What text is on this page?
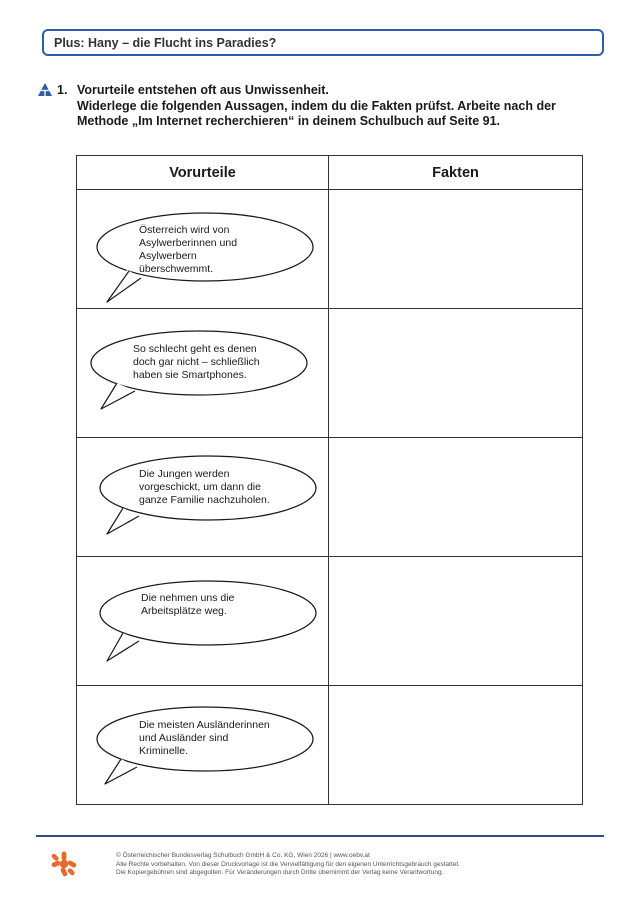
Plus: Hany – die Flucht ins Paradies?
1. Vorurteile entstehen oft aus Unwissenheit.
Widerlege die folgenden Aussagen, indem du die Fakten prüfst. Arbeite nach der
Methode „Im Internet recherchieren“ in deinem Schulbuch auf Seite 91.
Vorurteile	Fakten

Österreich wird von
Asylwerberinnen und
Asylwerbern
überschwemmt.	

So schlecht geht es denen
doch gar nicht – schließlich
haben sie Smartphones.	

Die Jungen werden
vorgeschickt, um dann die
ganze Familie nachzuholen.	

Die nehmen uns die
Arbeitsplätze weg.	

Die meisten Ausländerinnen
und Ausländer sind
Kriminelle.	

© Österreichischer Bundesverlag Schulbuch GmbH & Co. KG, Wien 2026 | www.oebv.at
Alle Rechte vorbehalten. Von dieser Druckvorlage ist die Vervielfältigung für den eigenen Unterrichtsgebrauch gestattet.
Die Kopiergebühren sind abgegolten. Für Veränderungen durch Dritte übernimmt der Verlag keine Verantwortung.
